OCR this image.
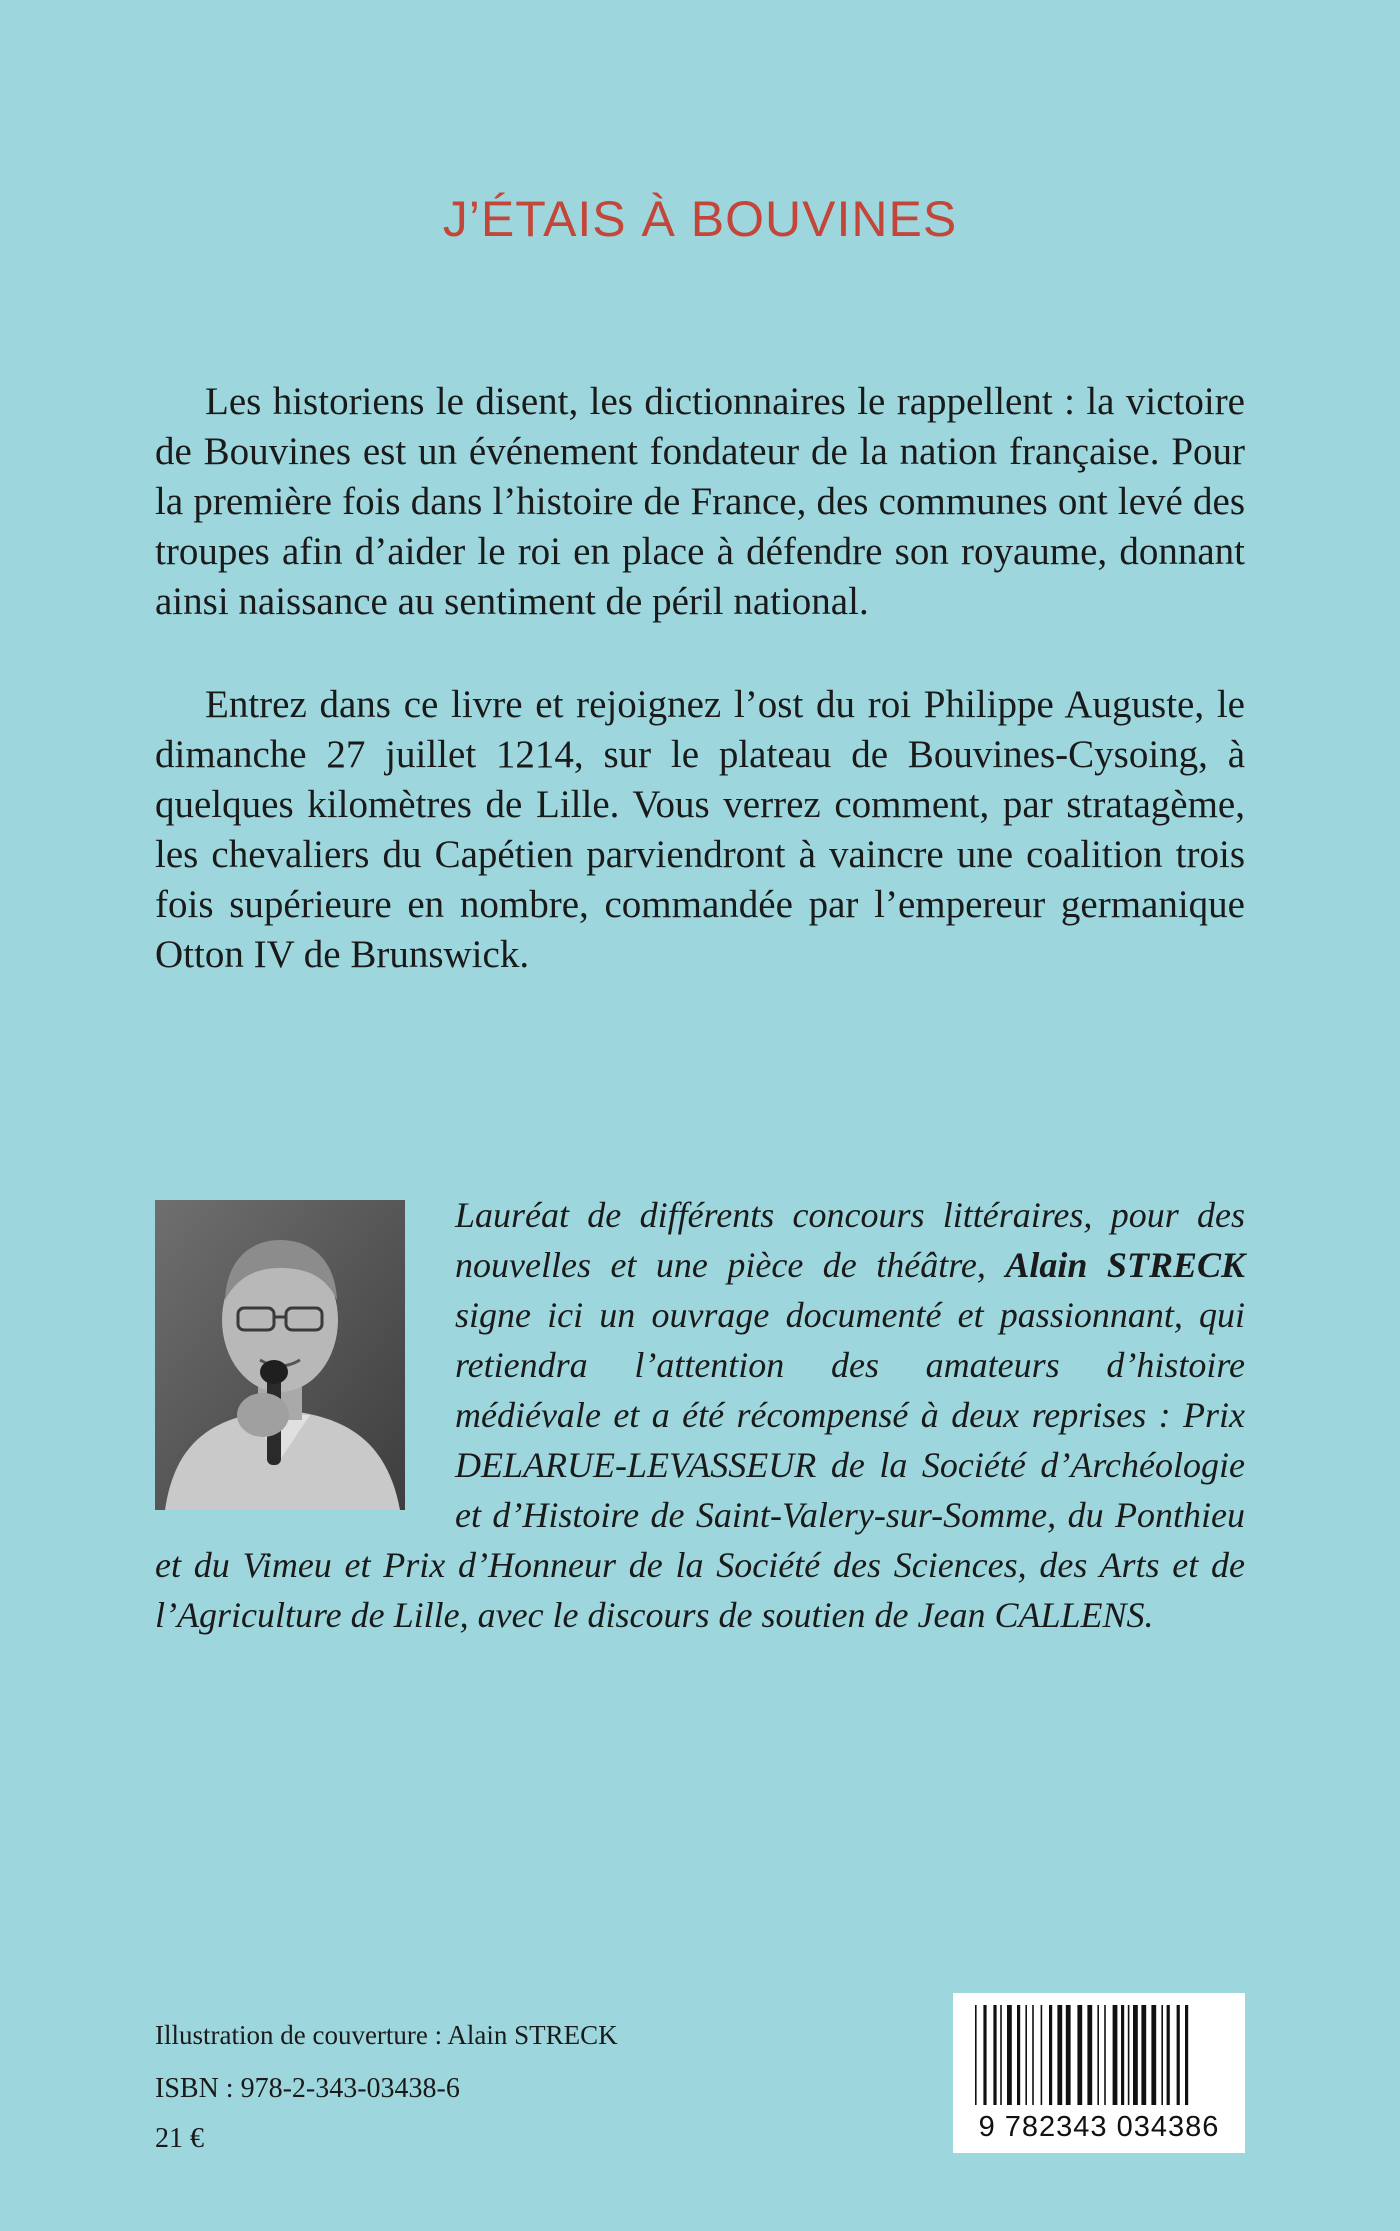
J’ÉTAIS À BOUVINES

Les historiens le disent, les dictionnaires le rappellent : la victoire de Bouvines est un événement fondateur de la nation française. Pour la première fois dans l’histoire de France, des communes ont levé des troupes afin d’aider le roi en place à défendre son royaume, donnant ainsi naissance au sentiment de péril national.

Entrez dans ce livre et rejoignez l’ost du roi Philippe Auguste, le dimanche 27 juillet 1214, sur le plateau de Bouvines-Cysoing, à quelques kilomètres de Lille. Vous verrez comment, par stratagème, les chevaliers du Capétien parviendront à vaincre une coalition trois fois supérieure en nombre, commandée par l’empereur germanique Otton IV de Brunswick.

Lauréat de différents concours littéraires, pour des nouvelles et une pièce de théâtre, Alain STRECK signe ici un ouvrage documenté et passionnant, qui retiendra l’attention des amateurs d’histoire médiévale et a été récompensé à deux reprises : Prix DELARUE-LEVASSEUR de la Société d’Archéologie et d’Histoire de Saint-Valery-sur-Somme, du Ponthieu et du Vimeu et Prix d’Honneur de la Société des Sciences, des Arts et de l’Agriculture de Lille, avec le discours de soutien de Jean CALLENS.
Illustration de couverture : Alain STRECK
ISBN : 978-2-343-03438-6
21 €	9 782343 034386
